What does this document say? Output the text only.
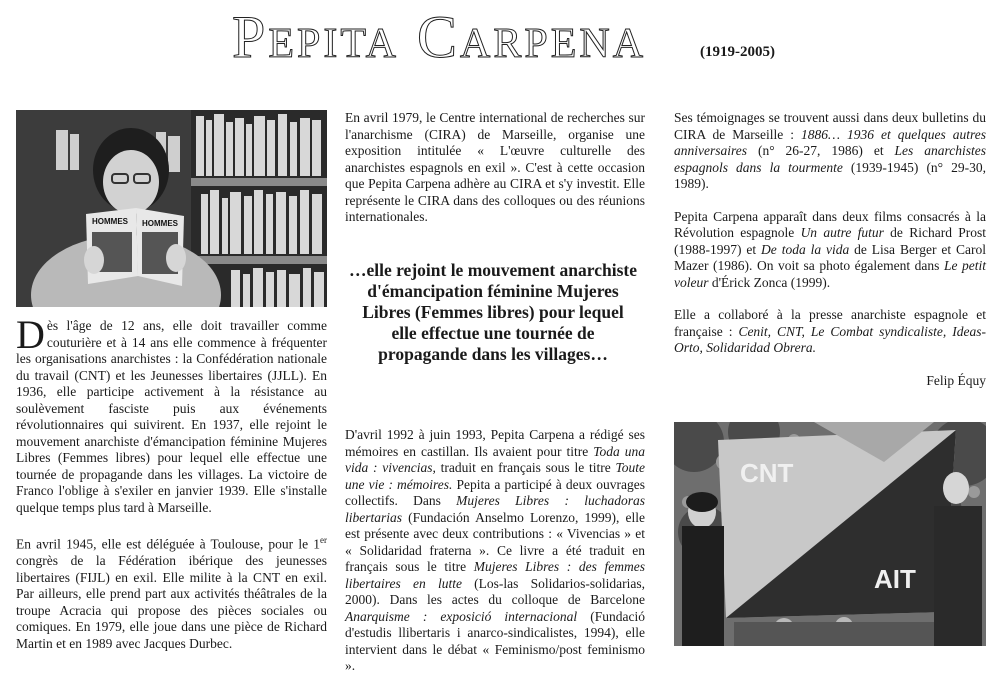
Pepita Carpena	(1919-2005)
HOMMES HOMMES

Dès l'âge de 12 ans, elle doit travailler comme couturière et à 14 ans elle commence à fréquenter les organisations anarchistes : la Confédération nationale du travail (CNT) et les Jeunesses libertaires (JJLL). En 1936, elle participe activement à la résistance au soulèvement fasciste puis aux événements révolutionnaires qui suivirent. En 1937, elle rejoint le mouvement anarchiste d'émancipation féminine Mujeres Libres (Femmes libres) pour lequel elle effectue une tournée de propagande dans les villages. La victoire de Franco l'oblige à s'exiler en janvier 1939. Elle s'installe quelque temps plus tard à Marseille.

En avril 1945, elle est déléguée à Toulouse, pour le 1er congrès de la Fédération ibérique des jeunesses libertaires (FIJL) en exil. Elle milite à la CNT en exil. Par ailleurs, elle prend part aux activités théâtrales de la troupe Acracia qui propose des pièces sociales ou comiques. En 1979, elle joue dans une pièce de Richard Martin et en 1989 avec Jacques Durbec.

En avril 1979, le Centre international de recherches sur l'anarchisme (CIRA) de Marseille, organise une exposition intitulée « L'œuvre culturelle des anarchistes espagnols en exil ». C'est à cette occasion que Pepita Carpena adhère au CIRA et s'y investit. Elle représente le CIRA dans des colloques ou des réunions internationales.

…elle rejoint le mouvement anarchiste d'émancipation féminine Mujeres Libres (Femmes libres) pour lequel elle effectue une tournée de propagande dans les villages…

D'avril 1992 à juin 1993, Pepita Carpena a rédigé ses mémoires en castillan. Ils avaient pour titre Toda una vida : vivencias, traduit en français sous le titre Toute une vie : mémoires. Pepita a participé à deux ouvrages collectifs. Dans Mujeres Libres : luchadoras libertarias (Fundación Anselmo Lorenzo, 1999), elle est présente avec deux contributions : « Vivencias » et « Solidaridad fraterna ». Ce livre a été traduit en français sous le titre Mujeres Libres : des femmes libertaires en lutte (Los-las Solidarios-solidarias, 2000). Dans les actes du colloque de Barcelone Anarquisme : exposició internacional (Fundació d'estudis llibertaris i anarco-sindicalistes, 1994), elle intervient dans le débat « Feminismo/post feminismo ».

Ses témoignages se trouvent aussi dans deux bulletins du CIRA de Marseille : 1886… 1936 et quelques autres anniversaires (n° 26-27, 1986) et Les anarchistes espagnols dans la tourmente (1939-1945) (n° 29-30, 1989).

Pepita Carpena apparaît dans deux films consacrés à la Révolution espagnole Un autre futur de Richard Prost (1988-1997) et De toda la vida de Lisa Berger et Carol Mazer (1986). On voit sa photo également dans Le petit voleur d'Érick Zonca (1999).

Elle a collaboré à la presse anarchiste espagnole et française : Cenit, CNT, Le Combat syndicaliste, Ideas-Orto, Solidaridad Obrera.

Felip Équy

CNT
AIT
